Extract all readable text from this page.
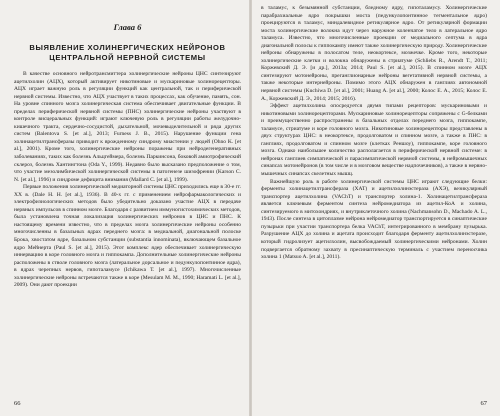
Глава 6
ВЫЯВЛЕНИЕ ХОЛИНЕРГИЧЕСКИХ НЕЙРОНОВ
ЦЕНТРАЛЬНОЙ НЕРВНОЙ СИСТЕМЫ

В качестве основного нейротрансмиттера холинергические нейроны ЦНС синтезируют ацетилхолин (АЦХ), который активирует никотиновые и мускариновые холинорецепторы. АЦХ играет важную роль в регуляции функций как центральной, так и периферической нервной системы. Известно, что АЦХ участвует в таких процессах, как обучение, память, сон. На уровне спинного мозга холинергическая система обеспечивает двигательные функции. В пределах периферической нервной системы (ПНС) холинергические нейроны участвуют в контроле висцеральных функций: играют ключевую роль в регуляции работы желудочно-кишечного тракта, сердечно-сосудистой, дыхательной, мочевыделительной и ряда других систем (Balentova S. [et al.], 2013; Furness J. B., 2015). Нарушение функции гена холинацетилтрансферазы приводит к врожденному синдрому миастении у людей (Ohno K. [et al.], 2001). Кроме того, холинергические нейроны поражены при нейродегенеративных заболеваниях, таких как болезнь Альцгеймера, болезнь Паркинсона, боковой амиотрофический склероз, болезнь Хантингтона (Oda Y., 1999). Недавно было высказано предположение о том, что участие мезолимбической холинергической системы в патогенезе шизофрении (Karson C. N. [et al.], 1996) и синдроме дефицита внимания (Mallard C. [et al.], 1999).

Первые положения холинергической медиаторной системы ЦНС приходились еще в 30-е гг. XX в. (Dale H. H. [et al.], 1936). В 40-х гг. с применением нейрофармакологических и электрофизиологических методов было убедительно доказано участие АЦХ в передаче нервных импульсов в спинном мозге. Благодаря с развитием иммуногистохимических методов, была установлена точная локализация холинергических нейронов в ЦНС и ПНС. К настоящему времени известно, что в пределах мозга холинергические нейроны особенно многочисленны в базальных ядрах переднего мозга: в медиальной, диагональной полоске Брока, хвостатом ядре, базальном субстанции (substantia innominata), включающем базальное ядро Мейнерта (Paul S. [et al.], 2015). Этот комплекс ядер обеспечивает холинергическую иннервацию в коре головного мозга и гиппокампа. Дополнительные холинергические нейроны расположены в стволе головного мозга (латеральное дорсальное и педункулопонтинное ядра), в ядрах черепных нервов, гипоталамусе (Ichikawa T. [et al.], 1997). Многочисленные холинергические нейроны встречаются также в коре (Mesulam M. M., 1990; Haramati L. [et al.], 2009). Они дают проекции

66

в таламус, к безымянной субстанции, бледному ядру, гипоталамусу. Холинергические парабрахиальные ядро покрышки моста (педункулопонтинное тегментальное ядро) проецируются в таламус, миндалевидное ретикулярное ядро. От ретикулярной формации моста холинергические волокна идут через наружное коленчатое тело в латеральное ядро таламуса. Известно, что многочисленные проекции от медиального септума в ядра диагональной полосы к гиппокампу имеют также холинергическую природу. Холинергические нейроны обнаружены в полосатом теле, неокортексе, мозжечке. Кроме того, некоторые холинергические клетки и волокна обнаружены в стриатуме (Schliebs R., Arendt T., 2011; Коржевский Д. Э. [и др.], 2013а; 2014; Paul S. [et al.], 2015). В спинном мозге АЦХ синтезируют мотонейроны, преганглионарные нейроны вегетативной нервной системы, а также некоторые интернейроны. Помимо этого АЦХ обнаружен в ганглиях автономной нервной системы (Kuchiwa D. [et al.], 2001; Huang A. [et al.], 2000; Колос Е. А., 2015; Колос Е. А., Коржевский Д. Э., 2014; 2015; 2016).

Эффект ацетилхолина опосредуется двумя типами рецепторов: мускариновыми и никотиновыми холинорецепторами. Мускариновые холинорецепторы сопряжены с G-белками и преимущественно распространены в базальных отделах переднего мозга, гиппокампе, таламусе, стриатуме и коре головного мозга. Никотиновые холинорецепторы представлены в двух структурах ЦНС: в неокортексе, продолговатом и спинном мозге, а также в ПНС: в ганглиях, продолговатом и спинном мозге (клетках Реншоу), гиппокампе, коре головного мозга. Однако наибольшее количество располагается в периферической нервной системе: в нейронах ганглиев симпатической и парасимпатической нервной системы, в нейромышечных синапсах мотонейронов (в том числе и в мозговом веществе надпочечников), а также в нервно-мышечных синапсах скелетных мышц.

Важнейшую роль в работе холинергической системы ЦНС играют следующие белки: ферменты холинацетилтрансфераза (ХАТ) и ацетилхолинэстераза (АХЭ), везикулярный транспортер ацетилхолина (VAChT) и транспортер холина-1. Холинацетилтрансфераза является ключевым ферментом синтеза нейромедиатора из ацетил-КоА и холина, синтезируемого в митохондриях, и внутриклеточного холина (Nachmansohn D., Machado A. L., 1943). После синтеза в цитоплазме нейрона нейромедиатор транспортируется в синаптические пузырьки при участии транспортера белка VAChT, интегрированного в мембрану пузырька. Разрушение АЦХ до холина и ацетата происходит благодаря ферменту ацетилхолинэстеразе, который гидролизует ацетилхолин, высвобождаемый холинергическими нейронами. Холин подвергается обратному захвату в пресинаптическую терминаль с участием переносчика холина 1 (Matsuo A. [et al.], 2011).

67
